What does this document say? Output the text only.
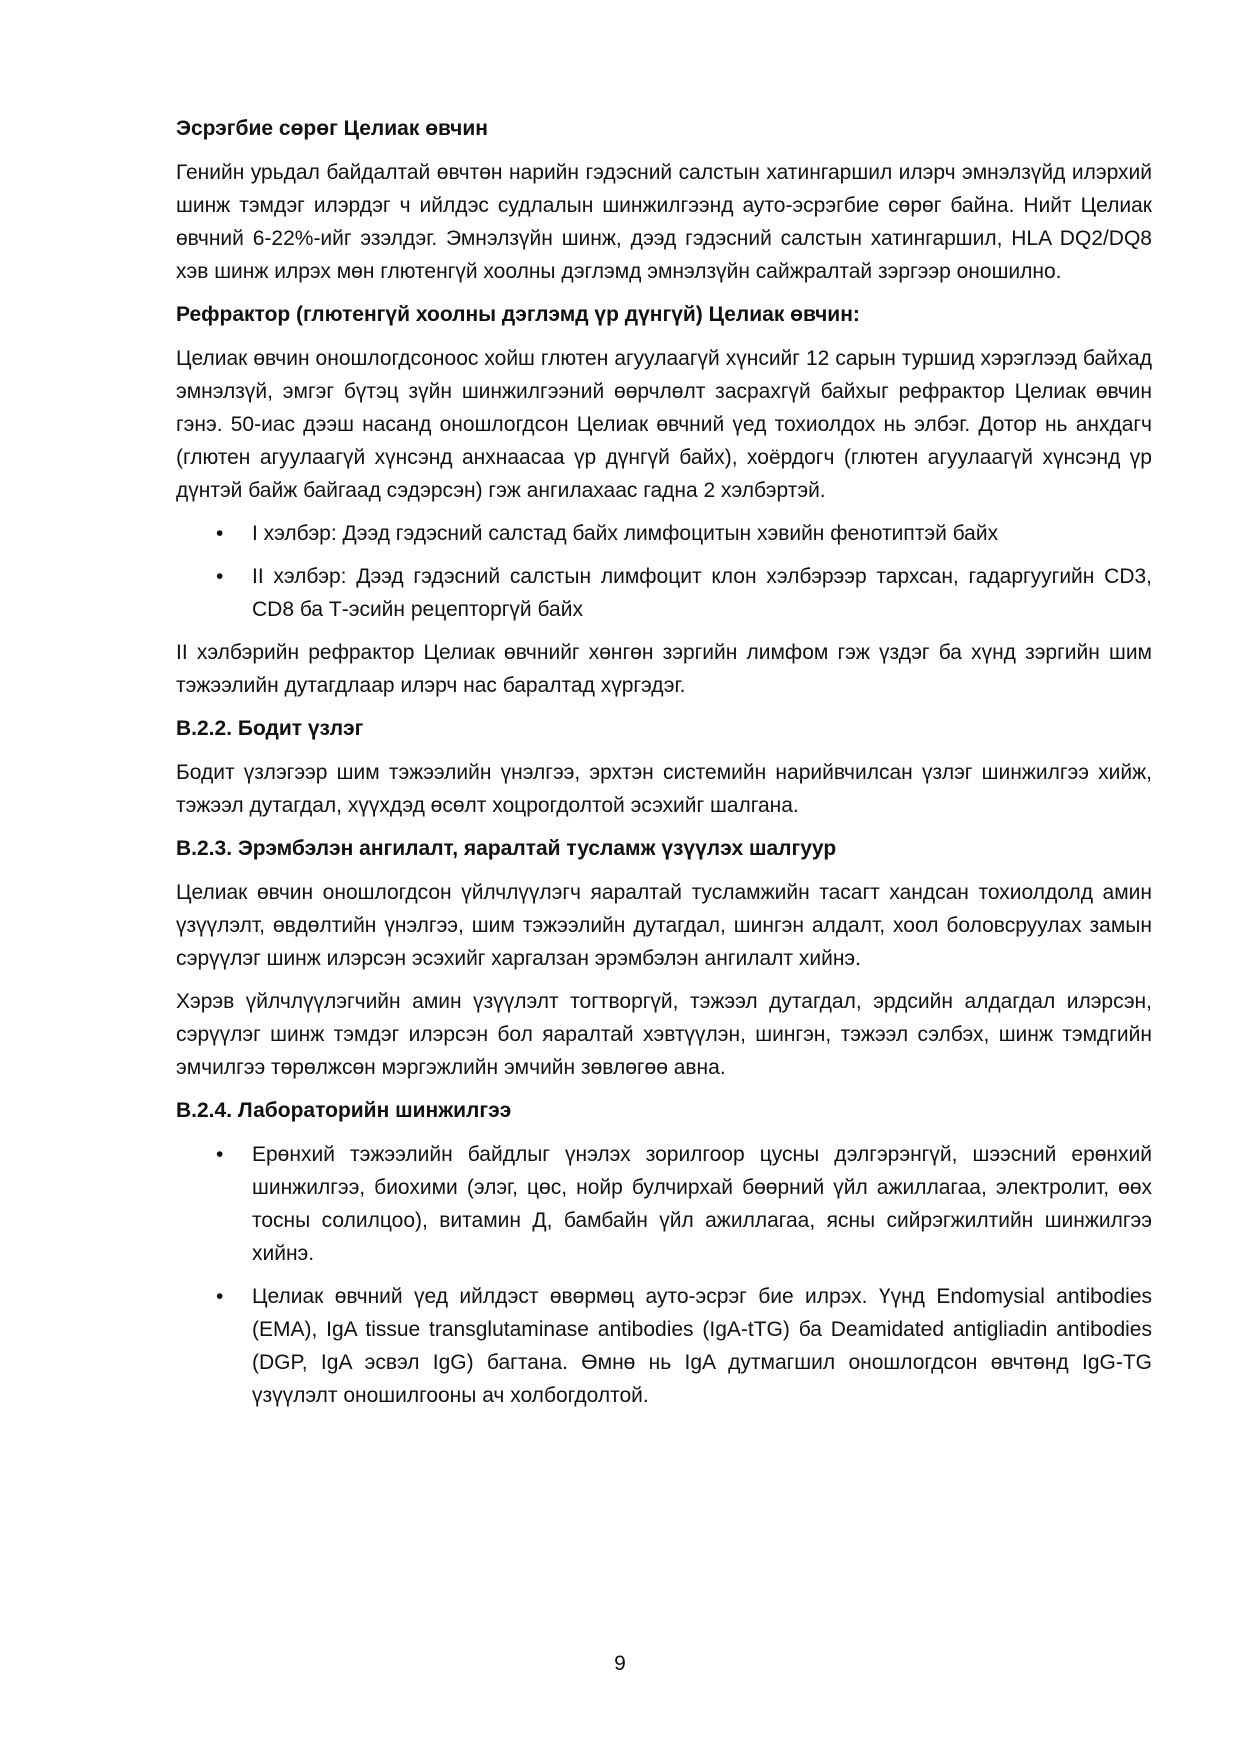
Эсрэгбие сөрөг Целиак өвчин

Генийн урьдал байдалтай өвчтөн нарийн гэдэсний салстын хатингаршил илэрч эмнэлзүйд илэрхий шинж тэмдэг илэрдэг ч ийлдэс судлалын шинжилгээнд ауто-эсрэгбие сөрөг байна. Нийт Целиак өвчний 6-22%-ийг эзэлдэг. Эмнэлзүйн шинж, дээд гэдэсний салстын хатингаршил, HLA DQ2/DQ8 хэв шинж илрэх мөн глютенгүй хоолны дэглэмд эмнэлзүйн сайжралтай зэргээр оношилно.

Рефрактор (глютенгүй хоолны дэглэмд үр дүнгүй) Целиак өвчин:

Целиак өвчин оношлогдсоноос хойш глютен агуулаагүй хүнсийг 12 сарын туршид хэрэглээд байхад эмнэлзүй, эмгэг бүтэц зүйн шинжилгээний өөрчлөлт засрахгүй байхыг рефрактор Целиак өвчин гэнэ. 50-иас дээш насанд оношлогдсон Целиак өвчний үед тохиолдох нь элбэг. Дотор нь анхдагч (глютен агуулаагүй хүнсэнд анхнаасаа үр дүнгүй байх), хоёрдогч (глютен агуулаагүй хүнсэнд үр дүнтэй байж байгаад сэдэрсэн) гэж ангилахаас гадна 2 хэлбэртэй.

• I хэлбэр: Дээд гэдэсний салстад байх лимфоцитын хэвийн фенотиптэй байх
• II хэлбэр: Дээд гэдэсний салстын лимфоцит клон хэлбэрээр тархсан, гадаргуугийн CD3, CD8 ба Т-эсийн рецепторгүй байх

II хэлбэрийн рефрактор Целиак өвчнийг хөнгөн зэргийн лимфом гэж үздэг ба хүнд зэргийн шим тэжээлийн дутагдлаар илэрч нас баралтад хүргэдэг.

В.2.2. Бодит үзлэг

Бодит үзлэгээр шим тэжээлийн үнэлгээ, эрхтэн системийн нарийвчилсан үзлэг шинжилгээ хийж, тэжээл дутагдал, хүүхдэд өсөлт хоцрогдолтой эсэхийг шалгана.

В.2.3. Эрэмбэлэн ангилалт, яаралтай тусламж үзүүлэх шалгуур

Целиак өвчин оношлогдсон үйлчлүүлэгч яаралтай тусламжийн тасагт хандсан тохиолдолд амин үзүүлэлт, өвдөлтийн үнэлгээ, шим тэжээлийн дутагдал, шингэн алдалт, хоол боловсруулах замын сэрүүлэг шинж илэрсэн эсэхийг харгалзан эрэмбэлэн ангилалт хийнэ.

Хэрэв үйлчлүүлэгчийн амин үзүүлэлт тогтворгүй, тэжээл дутагдал, эрдсийн алдагдал илэрсэн, сэрүүлэг шинж тэмдэг илэрсэн бол яаралтай хэвтүүлэн, шингэн, тэжээл сэлбэх, шинж тэмдгийн эмчилгээ төрөлжсөн мэргэжлийн эмчийн зөвлөгөө авна.

В.2.4. Лабораторийн шинжилгээ
• Ерөнхий тэжээлийн байдлыг үнэлэх зорилгоор цусны дэлгэрэнгүй, шээсний ерөнхий шинжилгээ, биохими (элэг, цөс, нойр булчирхай бөөрний үйл ажиллагаа, электролит, өөх тосны солилцоо), витамин Д, бамбайн үйл ажиллагаа, ясны сийрэгжилтийн шинжилгээ хийнэ.
• Целиак өвчний үед ийлдэст өвөрмөц ауто-эсрэг бие илрэх. Үүнд Endomysial antibodies (EMA), IgA tissue transglutaminase antibodies (IgA-tTG) ба Deamidated antigliadin antibodies (DGP, IgA эсвэл IgG) багтана. Өмнө нь IgA дутмагшил оношлогдсон өвчтөнд IgG-TG үзүүлэлт оношилгооны ач холбогдолтой.
9
